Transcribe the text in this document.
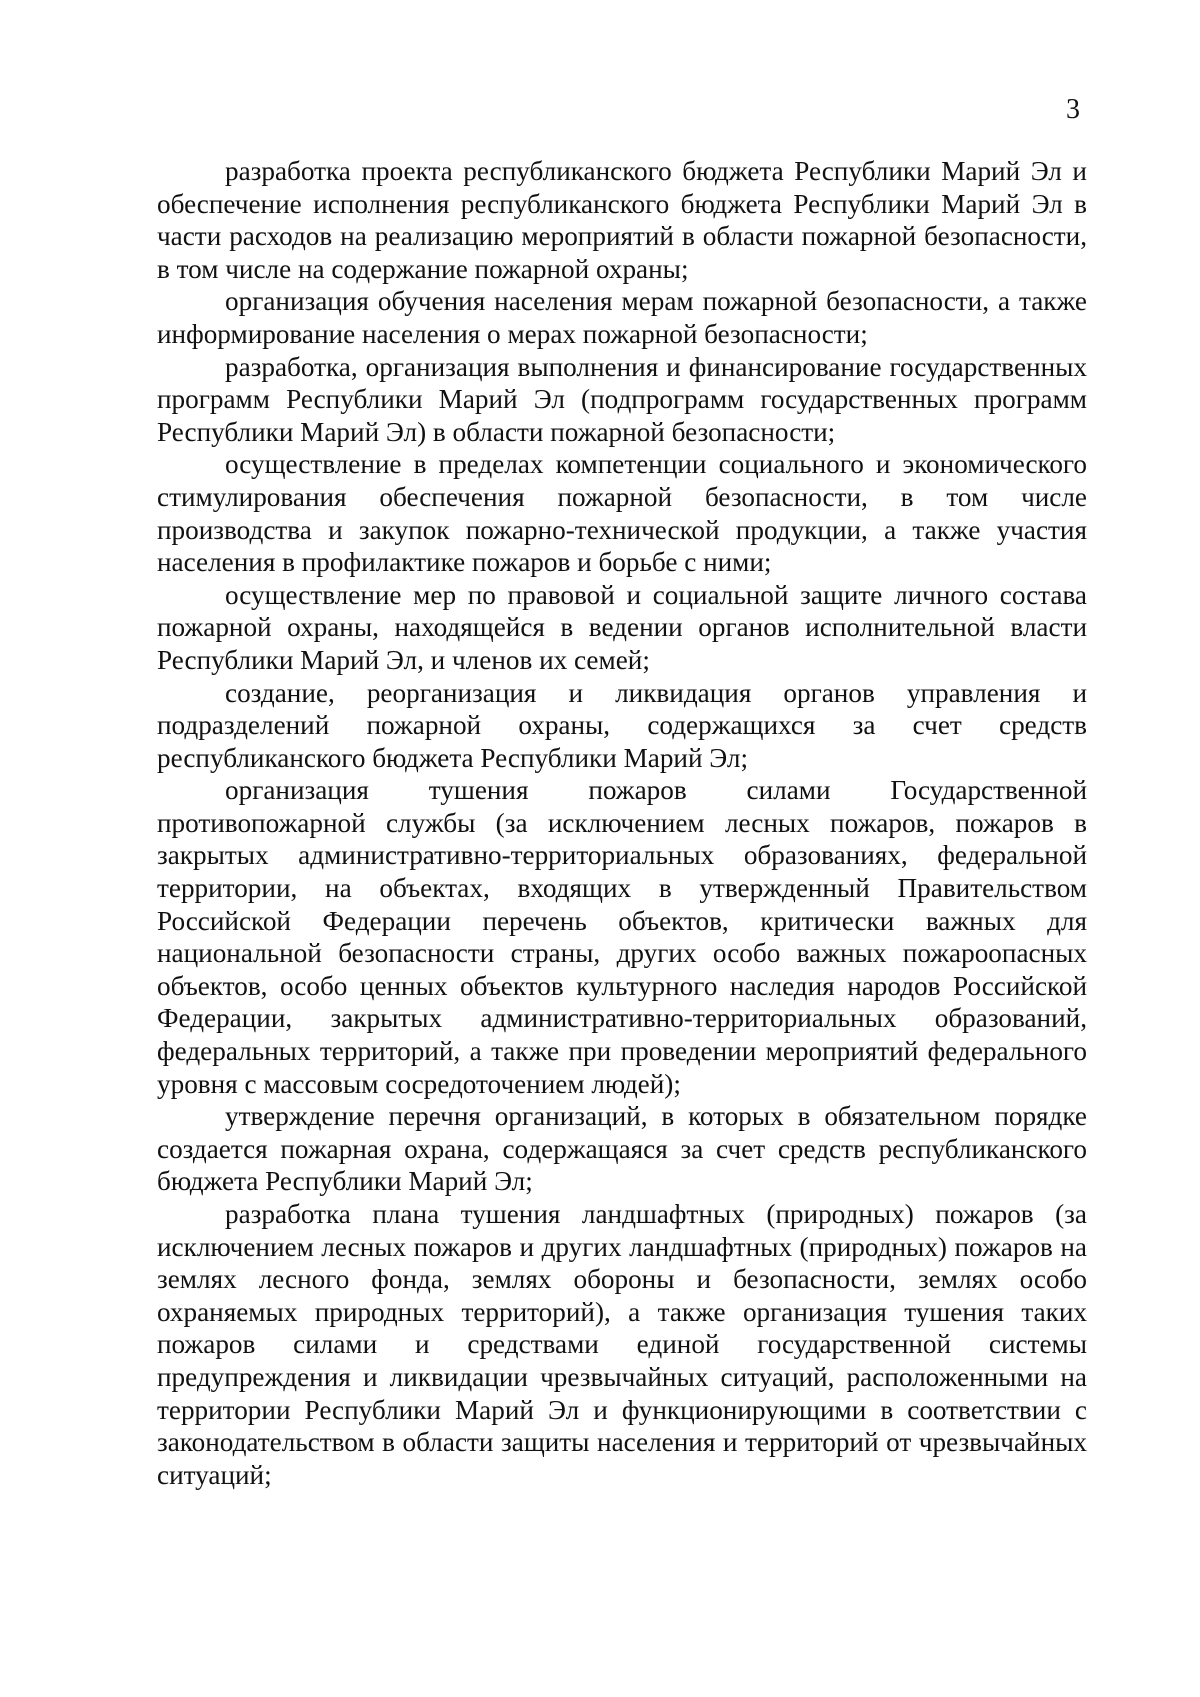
3

разработка проекта республиканского бюджета Республики Марий Эл и обеспечение исполнения республиканского бюджета Республики Марий Эл в части расходов на реализацию мероприятий в области пожарной безопасности, в том числе на содержание пожарной охраны;

организация обучения населения мерам пожарной безопасности, а также информирование населения о мерах пожарной безопасности;

разработка, организация выполнения и финансирование государственных программ Республики Марий Эл (подпрограмм государственных программ Республики Марий Эл) в области пожарной безопасности;

осуществление в пределах компетенции социального и экономического стимулирования обеспечения пожарной безопасности, в том числе производства и закупок пожарно-технической продукции, а также участия населения в профилактике пожаров и борьбе с ними;

осуществление мер по правовой и социальной защите личного состава пожарной охраны, находящейся в ведении органов исполнительной власти Республики Марий Эл, и членов их семей;

создание, реорганизация и ликвидация органов управления и подразделений пожарной охраны, содержащихся за счет средств республиканского бюджета Республики Марий Эл;

организация тушения пожаров силами Государственной противопожарной службы (за исключением лесных пожаров, пожаров в закрытых административно-территориальных образованиях, федеральной территории, на объектах, входящих в утвержденный Правительством Российской Федерации перечень объектов, критически важных для национальной безопасности страны, других особо важных пожароопасных объектов, особо ценных объектов культурного наследия народов Российской Федерации, закрытых административно-территориальных образований, федеральных территорий, а также при проведении мероприятий федерального уровня с массовым сосредоточением людей);

утверждение перечня организаций, в которых в обязательном порядке создается пожарная охрана, содержащаяся за счет средств республиканского бюджета Республики Марий Эл;

разработка плана тушения ландшафтных (природных) пожаров (за исключением лесных пожаров и других ландшафтных (природных) пожаров на землях лесного фонда, землях обороны и безопасности, землях особо охраняемых природных территорий), а также организация тушения таких пожаров силами и средствами единой государственной системы предупреждения и ликвидации чрезвычайных ситуаций, расположенными на территории Республики Марий Эл и функционирующими в соответствии с законодательством в области защиты населения и территорий от чрезвычайных ситуаций;
